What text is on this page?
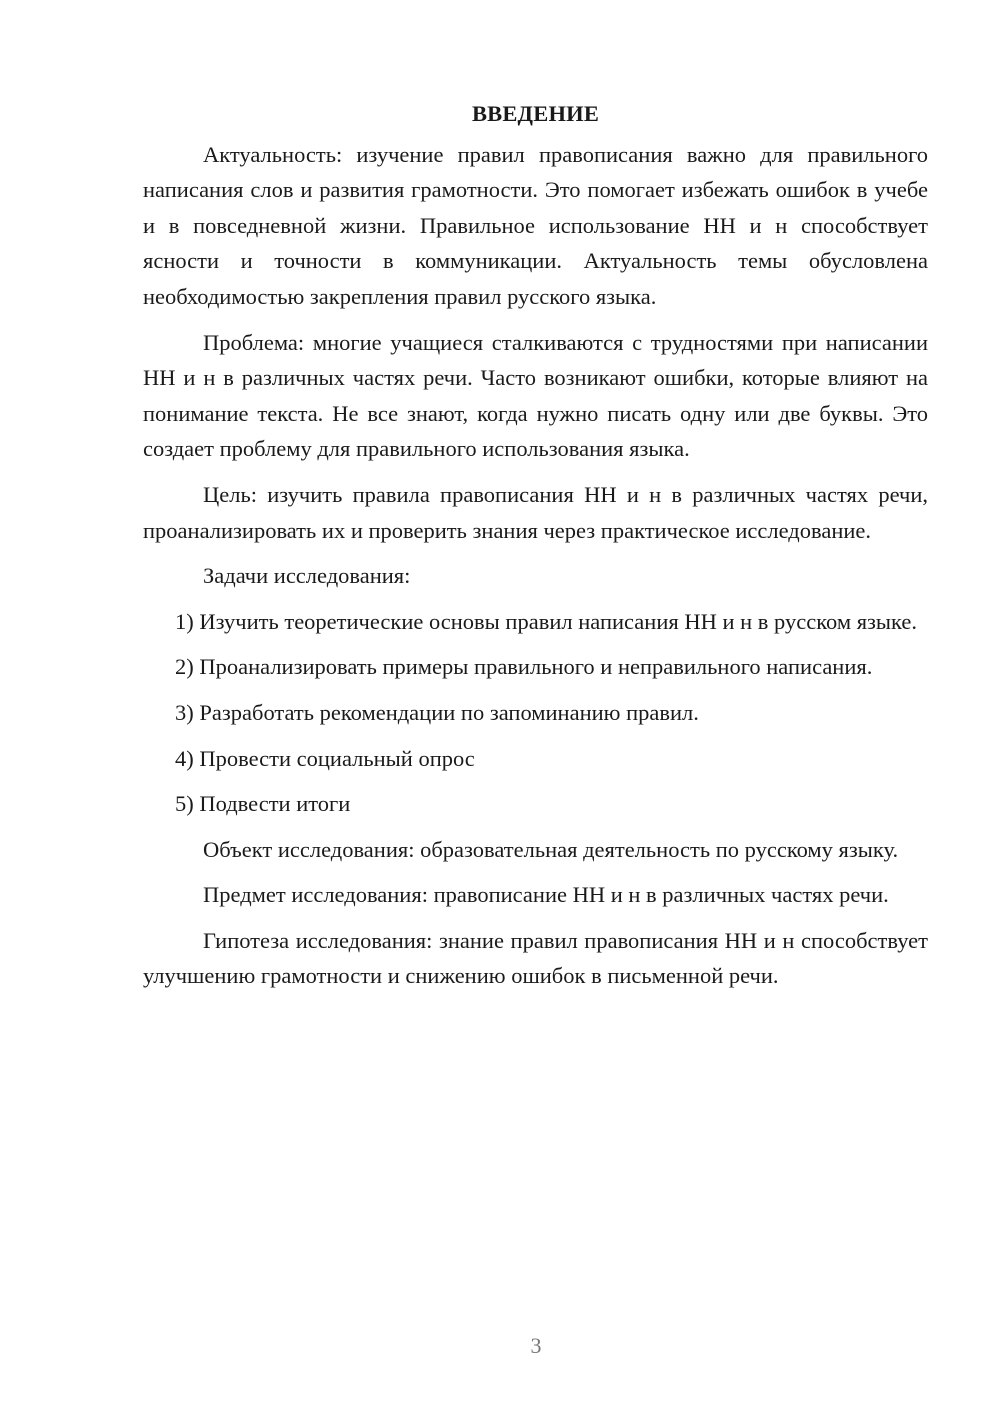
ВВЕДЕНИЕ

Актуальность: изучение правил правописания важно для правильного написания слов и развития грамотности. Это помогает избежать ошибок в учебе и в повседневной жизни. Правильное использование НН и н способствует ясности и точности в коммуникации. Актуальность темы обусловлена необходимостью закрепления правил русского языка.

Проблема: многие учащиеся сталкиваются с трудностями при написании НН и н в различных частях речи. Часто возникают ошибки, которые влияют на понимание текста. Не все знают, когда нужно писать одну или две буквы. Это создает проблему для правильного использования языка.

Цель: изучить правила правописания НН и н в различных частях речи, проанализировать их и проверить знания через практическое исследование.

Задачи исследования:

1) Изучить теоретические основы правил написания НН и н в русском языке.

2) Проанализировать примеры правильного и неправильного написания.

3) Разработать рекомендации по запоминанию правил.

4) Провести социальный опрос

5) Подвести итоги

Объект исследования: образовательная деятельность по русскому языку.

Предмет исследования: правописание НН и н в различных частях речи.

Гипотеза исследования: знание правил правописания НН и н способствует улучшению грамотности и снижению ошибок в письменной речи.

3
